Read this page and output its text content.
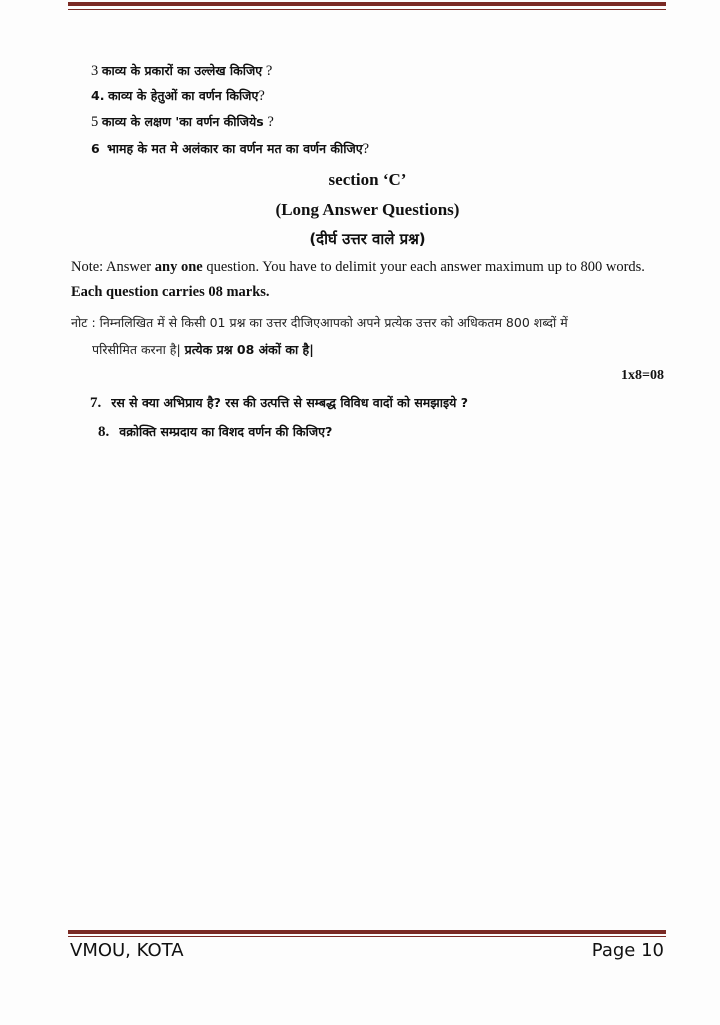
3 काव्य के प्रकारों का उल्लेख किजिए ?
4. काव्य के हेतुओं का वर्णन किजिए?
5 काव्य के लक्षण 'का वर्णन कीजियेs ?
6 भामह के मत मे अलंकार का वर्णन मत का वर्णन कीजिए?
section ‘C’
(Long Answer Questions)
(दीर्घ उत्तर वाले प्रश्न)
Note: Answer any one question. You have to delimit your each answer maximum up to 800 words. Each question carries 08 marks.
नोट : निम्नलिखित में से किसी 01 प्रश्न का उत्तर दीजिएआपको अपने प्रत्येक उत्तर को अधिकतम 800 शब्दों में
परिसीमित करना है| प्रत्येक प्रश्न 08 अंकों का है|
1x8=08
7. रस से क्या अभिप्राय है? रस की उत्पत्ति से सम्बद्ध विविध वादों को समझाइये ?
8. वक्रोक्ति सम्प्रदाय का विशद वर्णन की किजिए?
VMOU, KOTA	Page 10
